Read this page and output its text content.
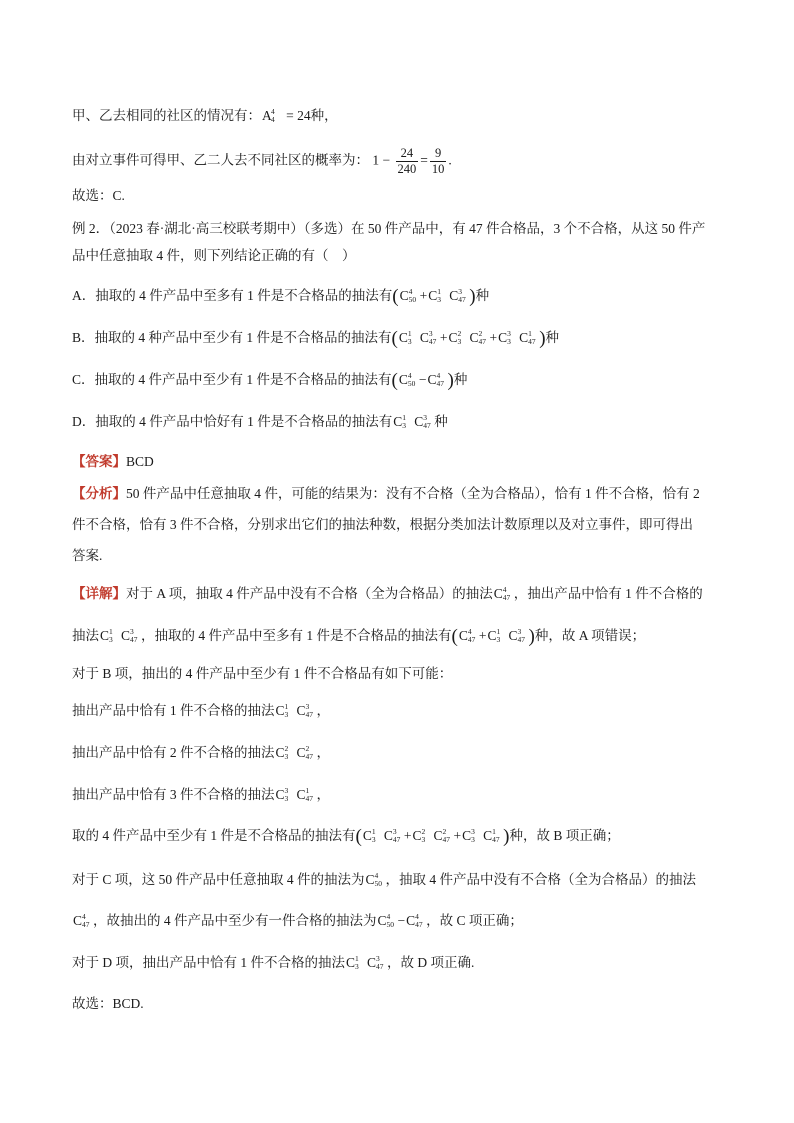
甲、乙去相同的社区的情况有：A 4
4 = 24种，
由对立事件可得甲、乙二人去不同社区的概率为： $1 - \frac{24}{240} = \frac{9}{10}$ .
故选：C.
例 2．（2023 春·湖北·高三校联考期中）（多选）在 50 件产品中，有 47 件合格品，3 个不合格，从这 50 件产
品中任意抽取 4 件，则下列结论正确的有（　）
A．抽取的 4 件产品中至多有 1 件是不合格品的抽法有(C 4
50 +C 1
3 C 3
47 )种
B．抽取的 4 种产品中至少有 1 件是不合格品的抽法有(C 1
3 C 3
47 +C 2
3 C 2
47 +C 3
3 C 1
47 )种
C．抽取的 4 件产品中至少有 1 件是不合格品的抽法有(C 4
50 −C 4
47 )种
D．抽取的 4 件产品中恰好有 1 件是不合格品的抽法有C 1
3 C 3
47 种
【答案】BCD
【分析】50 件产品中任意抽取 4 件，可能的结果为：没有不合格（全为合格品），恰有 1 件不合格，恰有 2
件不合格，恰有 3 件不合格，分别求出它们的抽法种数，根据分类加法计数原理以及对立事件，即可得出
答案.
【详解】对于 A 项，抽取 4 件产品中没有不合格（全为合格品）的抽法C 4
47 ，抽出产品中恰有 1 件不合格的
抽法C 1
3 C 3
47 ，抽取的 4 件产品中至多有 1 件是不合格品的抽法有(C 4
47 +C 1
3 C 3
47 )种，故 A 项错误；
对于 B 项，抽出的 4 件产品中至少有 1 件不合格品有如下可能：
抽出产品中恰有 1 件不合格的抽法C 1
3 C 3
47 ，
抽出产品中恰有 2 件不合格的抽法C 2
3 C 2
47 ，
抽出产品中恰有 3 件不合格的抽法C 3
3 C 1
47 ，
取的 4 件产品中至少有 1 件是不合格品的抽法有(C 1
3 C 3
47 +C 2
3 C 2
47 +C 3
3 C 1
47 )种，故 B 项正确；
对于 C 项，这 50 件产品中任意抽取 4 件的抽法为C 4
50 ，抽取 4 件产品中没有不合格（全为合格品）的抽法
C 4
47 ，故抽出的 4 件产品中至少有一件合格的抽法为C 4
50 −C 4
47 ，故 C 项正确；
对于 D 项，抽出产品中恰有 1 件不合格的抽法C 1
3 C 3
47 ，故 D 项正确.
故选：BCD.
